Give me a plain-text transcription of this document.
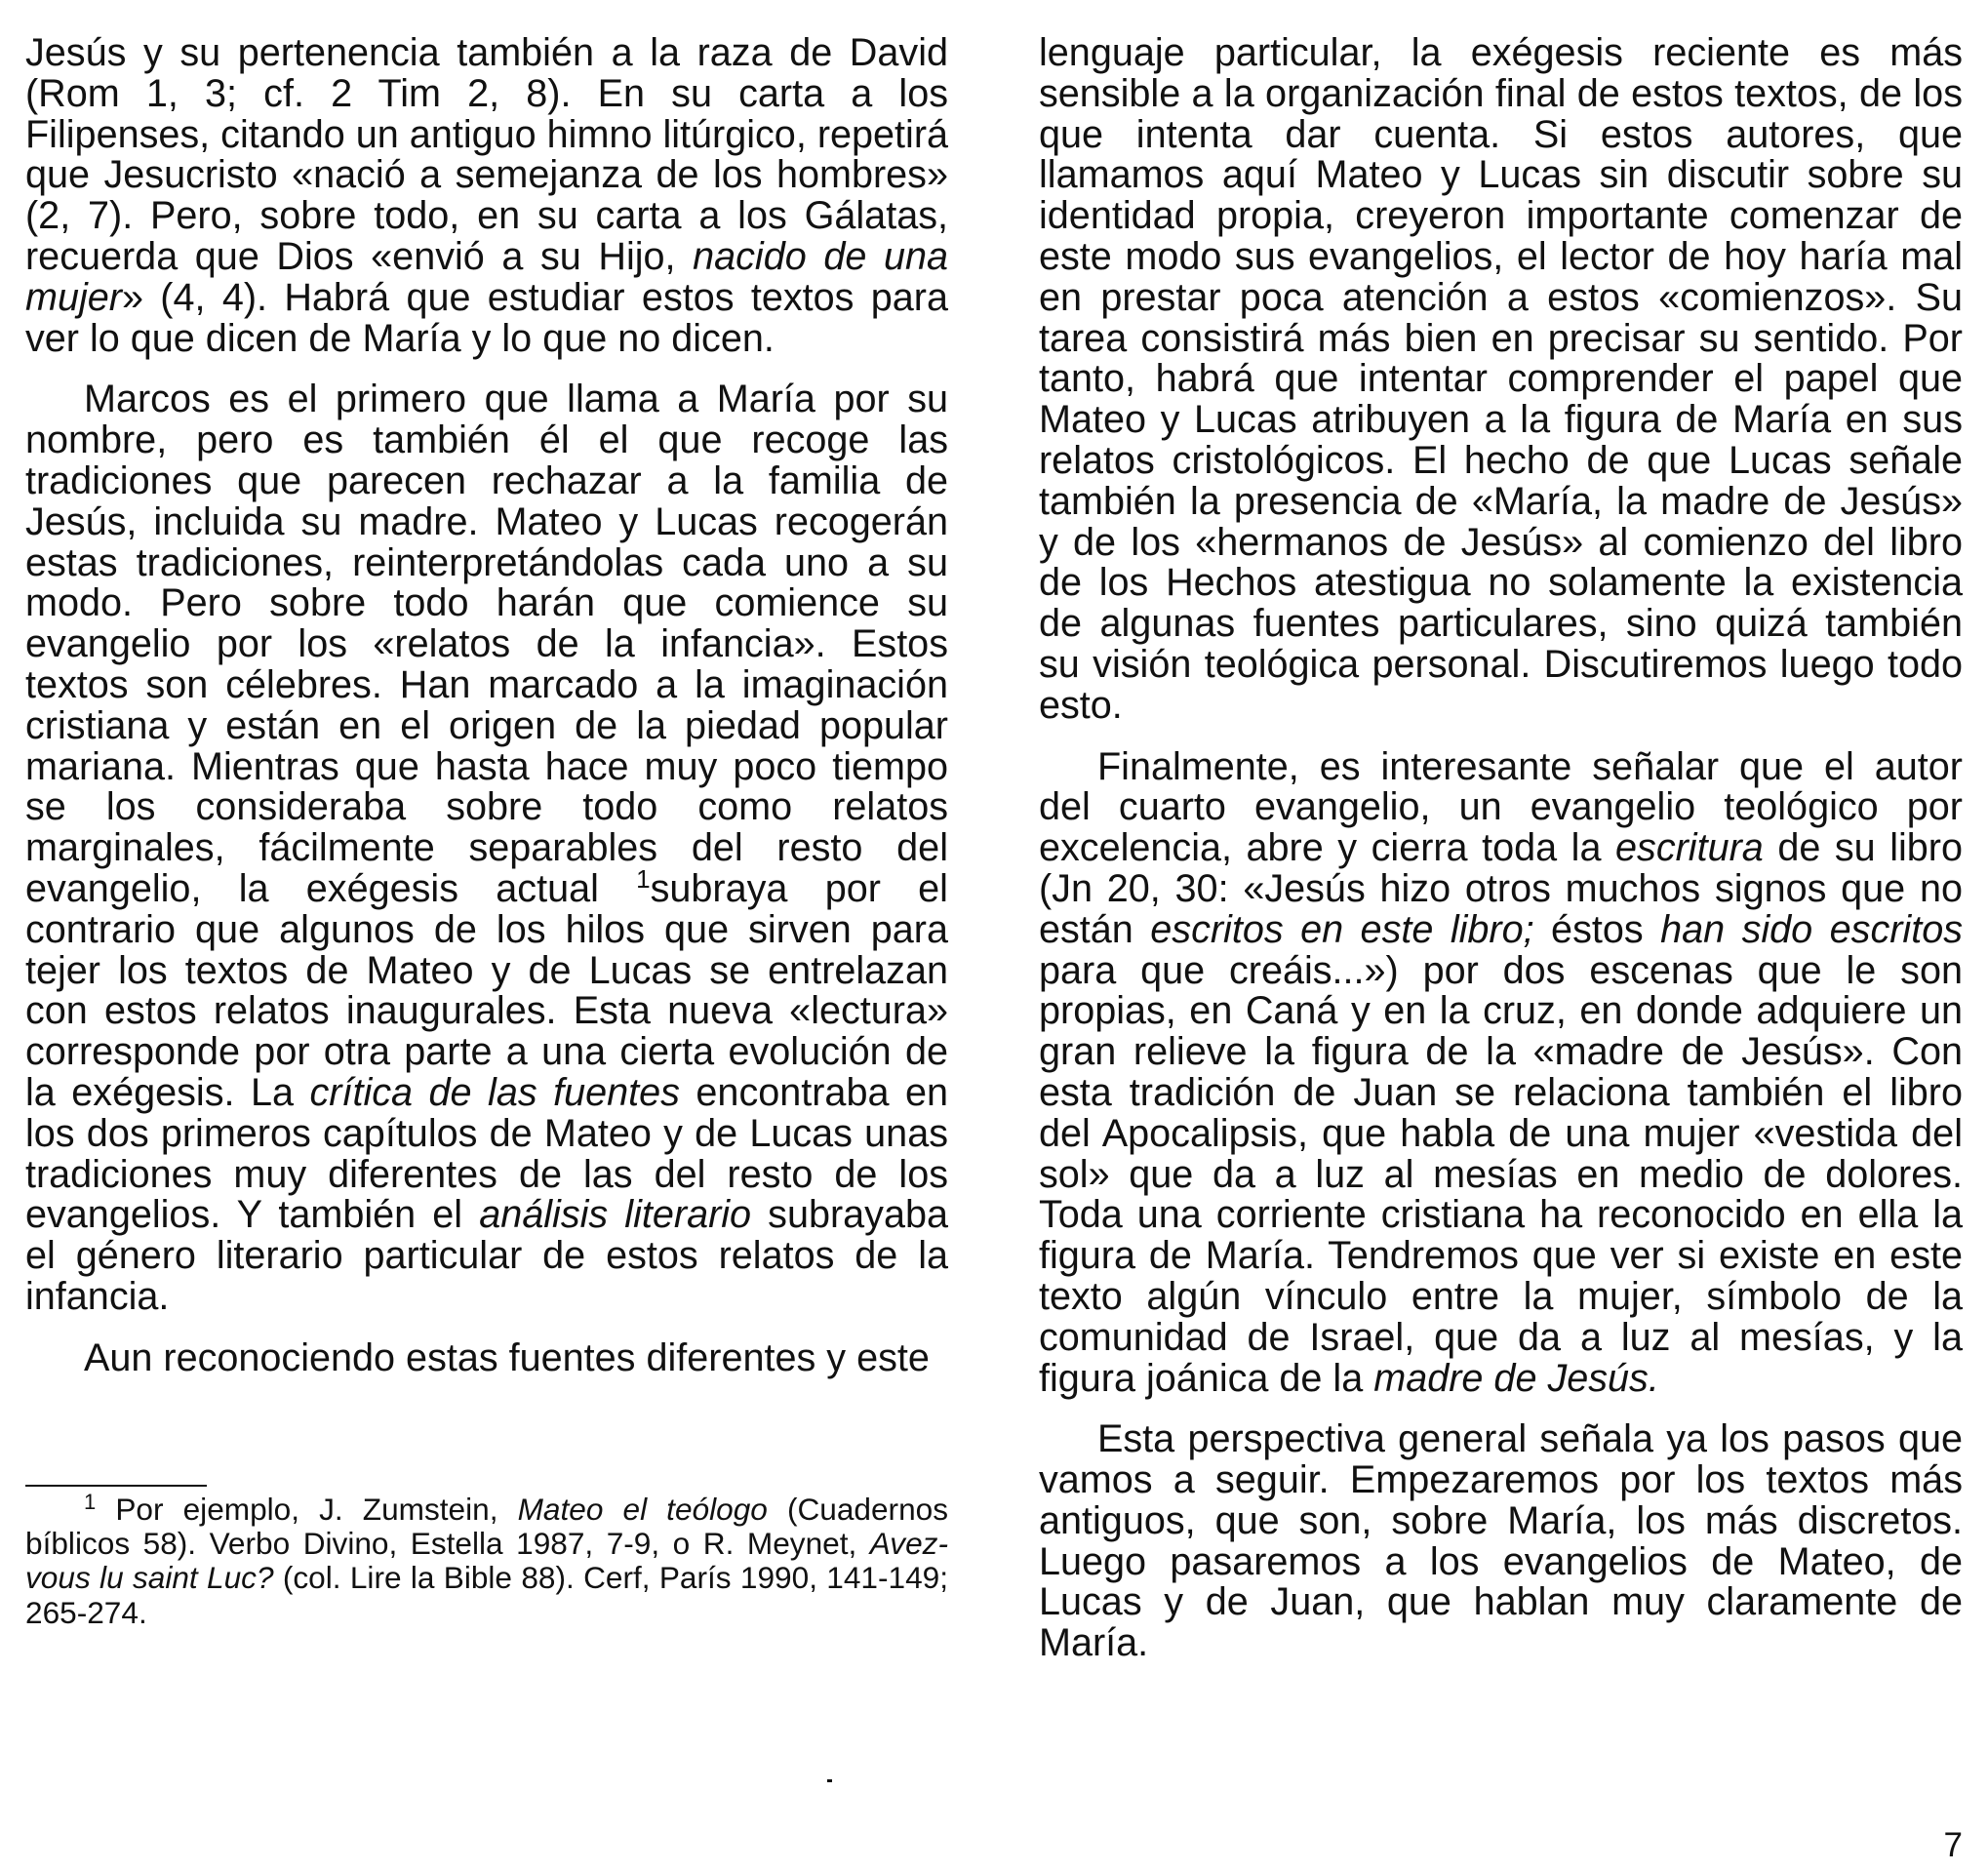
Jesús y su pertenencia también a la raza de David (Rom 1, 3; cf. 2 Tim 2, 8). En su carta a los Filipenses, citando un antiguo himno litúrgico, repetirá que Jesucristo «nació a semejanza de los hombres» (2, 7). Pero, sobre todo, en su carta a los Gálatas, recuerda que Dios «envió a su Hijo, nacido de una mujer» (4, 4). Habrá que estudiar estos textos para ver lo que dicen de María y lo que no dicen.

Marcos es el primero que llama a María por su nombre, pero es también él el que recoge las tradiciones que parecen rechazar a la familia de Jesús, incluida su madre. Mateo y Lucas recogerán estas tradiciones, reinterpretándolas cada uno a su modo. Pero sobre todo harán que comience su evangelio por los «relatos de la infancia». Estos textos son célebres. Han marcado a la imaginación cristiana y están en el origen de la piedad popular mariana. Mientras que hasta hace muy poco tiempo se los consideraba sobre todo como relatos marginales, fácilmente separables del resto del evangelio, la exégesis actual $^1$subraya por el contrario que algunos de los hilos que sirven para tejer los textos de Mateo y de Lucas se entrelazan con estos relatos inaugurales. Esta nueva «lectura» corresponde por otra parte a una cierta evolución de la exégesis. La crítica de las fuentes encontraba en los dos primeros capítulos de Mateo y de Lucas unas tradiciones muy diferentes de las del resto de los evangelios. Y también el análisis literario subrayaba el género literario particular de estos relatos de la infancia.

Aun reconociendo estas fuentes diferentes y este

$^1$ Por ejemplo, J. Zumstein, Mateo el teólogo (Cuadernos bíblicos 58). Verbo Divino, Estella 1987, 7-9, o R. Meynet, Avez-vous lu saint Luc? (col. Lire la Bible 88). Cerf, París 1990, 141-149; 265-274.

lenguaje particular, la exégesis reciente es más sensible a la organización final de estos textos, de los que intenta dar cuenta. Si estos autores, que llamamos aquí Mateo y Lucas sin discutir sobre su identidad propia, creyeron importante comenzar de este modo sus evangelios, el lector de hoy haría mal en prestar poca atención a estos «comienzos». Su tarea consistirá más bien en precisar su sentido. Por tanto, habrá que intentar comprender el papel que Mateo y Lucas atribuyen a la figura de María en sus relatos cristológicos. El hecho de que Lucas señale también la presencia de «María, la madre de Jesús» y de los «hermanos de Jesús» al comienzo del libro de los Hechos atestigua no solamente la existencia de algunas fuentes particulares, sino quizá también su visión teológica personal. Discutiremos luego todo esto.

Finalmente, es interesante señalar que el autor del cuarto evangelio, un evangelio teológico por excelencia, abre y cierra toda la escritura de su libro (Jn 20, 30: «Jesús hizo otros muchos signos que no están escritos en este libro; éstos han sido escritos para que creáis...») por dos escenas que le son propias, en Caná y en la cruz, en donde adquiere un gran relieve la figura de la «madre de Jesús». Con esta tradición de Juan se relaciona también el libro del Apocalipsis, que habla de una mujer «vestida del sol» que da a luz al mesías en medio de dolores. Toda una corriente cristiana ha reconocido en ella la figura de María. Tendremos que ver si existe en este texto algún vínculo entre la mujer, símbolo de la comunidad de Israel, que da a luz al mesías, y la figura joánica de la madre de Jesús.

Esta perspectiva general señala ya los pasos que vamos a seguir. Empezaremos por los textos más antiguos, que son, sobre María, los más discretos. Luego pasaremos a los evangelios de Mateo, de Lucas y de Juan, que hablan muy claramente de María.

7
